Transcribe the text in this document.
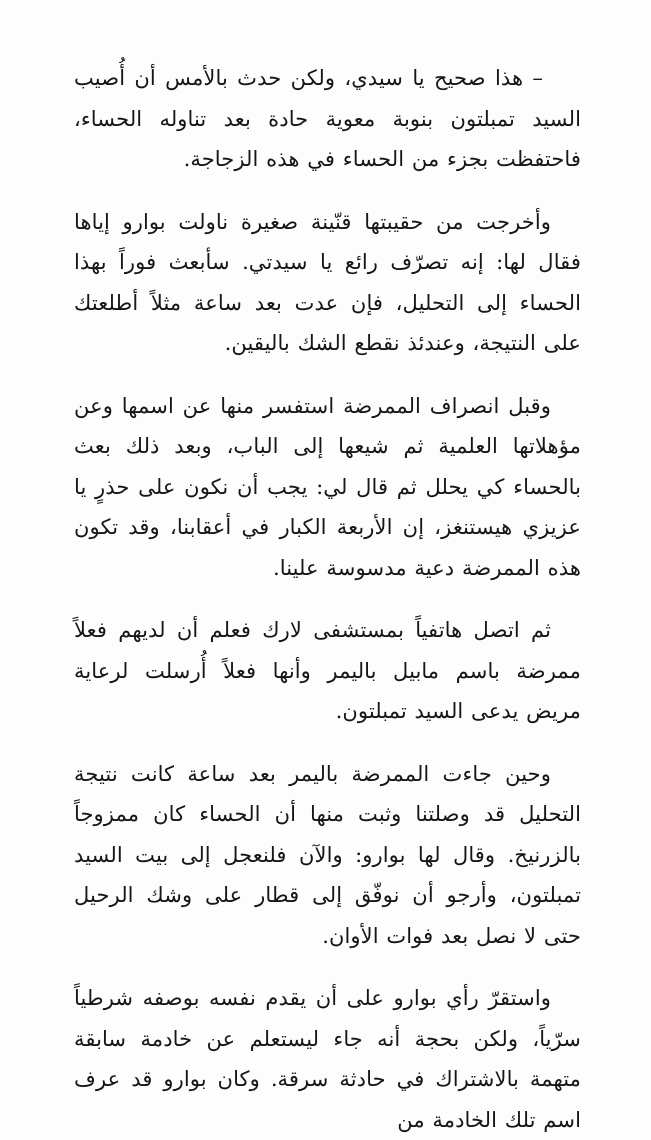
– هذا صحيح يا سيدي، ولكن حدث بالأمس أن أُصيب السيد تمبلتون بنوبة معوية حادة بعد تناوله الحساء، فاحتفظت بجزء من الحساء في هذه الزجاجة.

وأخرجت من حقيبتها قنّينة صغيرة ناولت بوارو إياها فقال لها: إنه تصرّف رائع يا سيدتي. سأبعث فوراً بهذا الحساء إلى التحليل، فإن عدت بعد ساعة مثلاً أطلعتك على النتيجة، وعندئذ نقطع الشك باليقين.

وقبل انصراف الممرضة استفسر منها عن اسمها وعن مؤهلاتها العلمية ثم شيعها إلى الباب، وبعد ذلك بعث بالحساء كي يحلل ثم قال لي: يجب أن نكون على حذرٍ يا عزيزي هيستنغز، إن الأربعة الكبار في أعقابنا، وقد تكون هذه الممرضة دعية مدسوسة علينا.

ثم اتصل هاتفياً بمستشفى لارك فعلم أن لديهم فعلاً ممرضة باسم مابيل باليمر وأنها فعلاً أُرسلت لرعاية مريض يدعى السيد تمبلتون.

وحين جاءت الممرضة باليمر بعد ساعة كانت نتيجة التحليل قد وصلتنا وثبت منها أن الحساء كان ممزوجاً بالزرنيخ. وقال لها بوارو: والآن فلنعجل إلى بيت السيد تمبلتون، وأرجو أن نوفّق إلى قطار على وشك الرحيل حتى لا نصل بعد فوات الأوان.

واستقرّ رأي بوارو على أن يقدم نفسه بوصفه شرطياً سرّياً، ولكن بحجة أنه جاء ليستعلم عن خادمة سابقة متهمة بالاشتراك في حادثة سرقة. وكان بوارو قد عرف اسم تلك الخادمة من
